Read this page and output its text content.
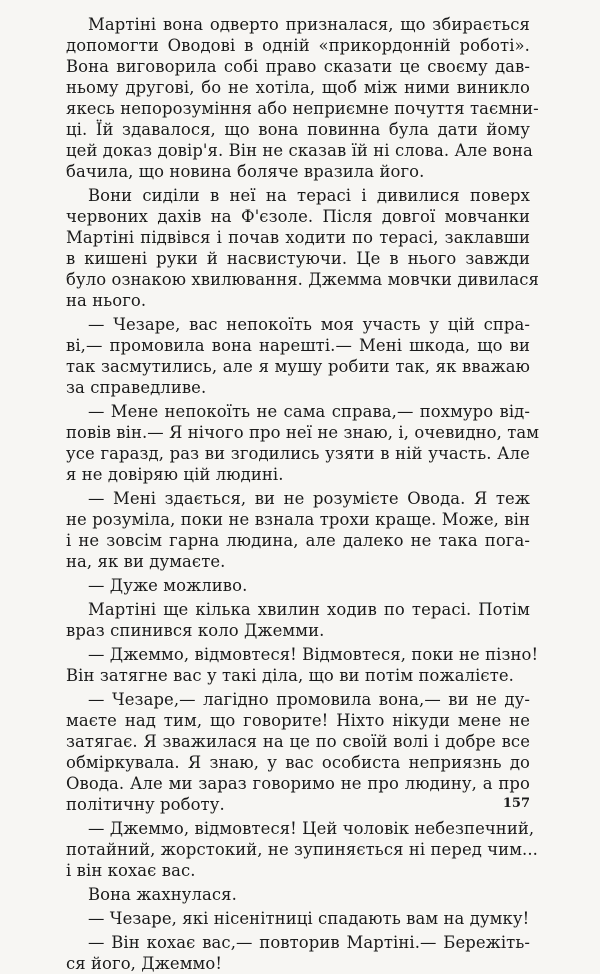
Мартіні вона одверто призналася, що збирається
допомогти Оводові в одній «прикордонній роботі».
Вона виговорила собі право сказати це своєму дав-
ньому другові, бо не хотіла, щоб між ними виникло
якесь непорозуміння або неприємне почуття таємни-
ці. Їй здавалося, що вона повинна була дати йому
цей доказ довір'я. Він не сказав їй ні слова. Але вона
бачила, що новина боляче вразила його.
Вони сиділи в неї на терасі і дивилися поверх
червоних дахів на Ф'єзоле. Після довгої мовчанки
Мартіні підвівся і почав ходити по терасі, заклавши
в кишені руки й насвистуючи. Це в нього завжди
було ознакою хвилювання. Джемма мовчки дивилася
на нього.
— Чезаре, вас непокоїть моя участь у цій спра-
ві,— промовила вона нарешті.— Мені шкода, що ви
так засмутились, але я мушу робити так, як вважаю
за справедливе.
— Мене непокоїть не сама справа,— похмуро від-
повів він.— Я нічого про неї не знаю, і, очевидно, там
усе гаразд, раз ви згодились узяти в ній участь. Але
я не довіряю цій людині.
— Мені здається, ви не розумієте Овода. Я теж
не розуміла, поки не взнала трохи краще. Може, він
і не зовсім гарна людина, але далеко не така пога-
на, як ви думаєте.
— Дуже можливо.
Мартіні ще кілька хвилин ходив по терасі. Потім
враз спинився коло Джемми.
— Джеммо, відмовтеся! Відмовтеся, поки не пізно!
Він затягне вас у такі діла, що ви потім пожалієте.
— Чезаре,— лагідно промовила вона,— ви не ду-
маєте над тим, що говорите! Ніхто нікуди мене не
затягає. Я зважилася на це по своїй волі і добре все
обміркувала. Я знаю, у вас особиста неприязнь до
Овода. Але ми зараз говоримо не про людину, а про
політичну роботу.
— Джеммо, відмовтеся! Цей чоловік небезпечний,
потайний, жорстокий, не зупиняється ні перед чим...
і він кохає вас.
Вона жахнулася.
— Чезаре, які нісенітниці спадають вам на думку!
— Він кохає вас,— повторив Мартіні.— Бережіть-
ся його, Джеммо!
157
